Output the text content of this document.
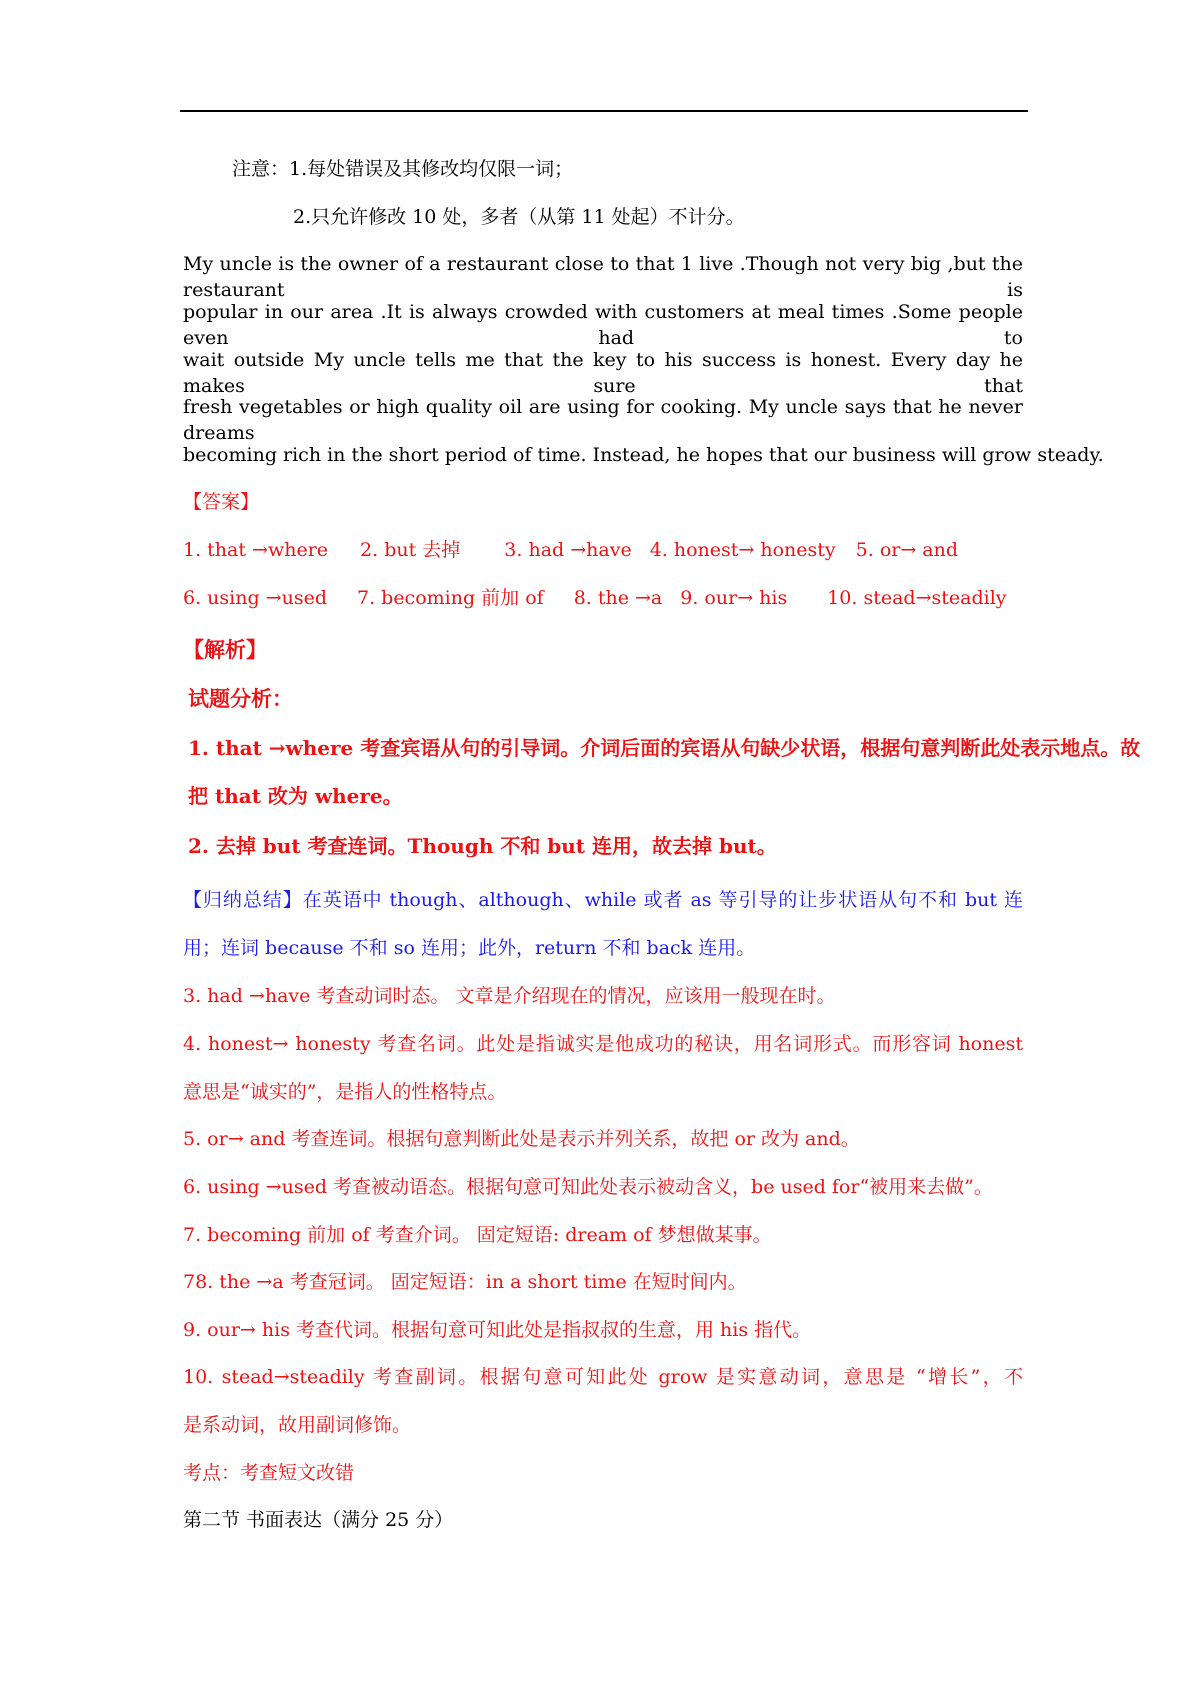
注意：1.每处错误及其修改均仅限一词；
2.只允许修改 10 处，多者（从第 11 处起）不计分。
My uncle is the owner of a restaurant close to that 1 live .Though not very big ,but the restaurant is
popular in our area .It is always crowded with customers at meal times .Some people even had to
wait outside My uncle tells me that the key to his success is honest. Every day he makes sure that
fresh vegetables or high quality oil are using for cooking. My uncle says that he never dreams
becoming rich in the short period of time. Instead, he hopes that our business will grow steady.
【答案】
1. that →where 2. but 去掉 3. had →have 4. honest→ honesty 5. or→ and
6. using →used 7. becoming 前加 of 8. the →a 9. our→ his 10. stead→steadily
【解析】
试题分析：
1. that →where 考查宾语从句的引导词。介词后面的宾语从句缺少状语，根据句意判断此处表示地点。故
把 that 改为 where。
2. 去掉 but 考查连词。Though 不和 but 连用，故去掉 but。
【归纳总结】在英语中 though、although、while 或者 as 等引导的让步状语从句不和 but 连
用；连词 because 不和 so 连用；此外，return 不和 back 连用。
3. had →have 考查动词时态。 文章是介绍现在的情况，应该用一般现在时。
4. honest→ honesty 考查名词。此处是指诚实是他成功的秘诀，用名词形式。而形容词 honest
意思是“诚实的”，是指人的性格特点。
5. or→ and 考查连词。根据句意判断此处是表示并列关系，故把 or 改为 and。
6. using →used 考查被动语态。根据句意可知此处表示被动含义，be used for“被用来去做”。
7. becoming 前加 of 考查介词。 固定短语: dream of 梦想做某事。
78. the →a 考查冠词。 固定短语：in a short time 在短时间内。
9. our→ his 考查代词。根据句意可知此处是指叔叔的生意，用 his 指代。
10. stead→steadily 考查副词。根据句意可知此处 grow 是实意动词，意思是 “增长”，不
是系动词，故用副词修饰。
考点：考查短文改错
第二节 书面表达（满分 25 分）
